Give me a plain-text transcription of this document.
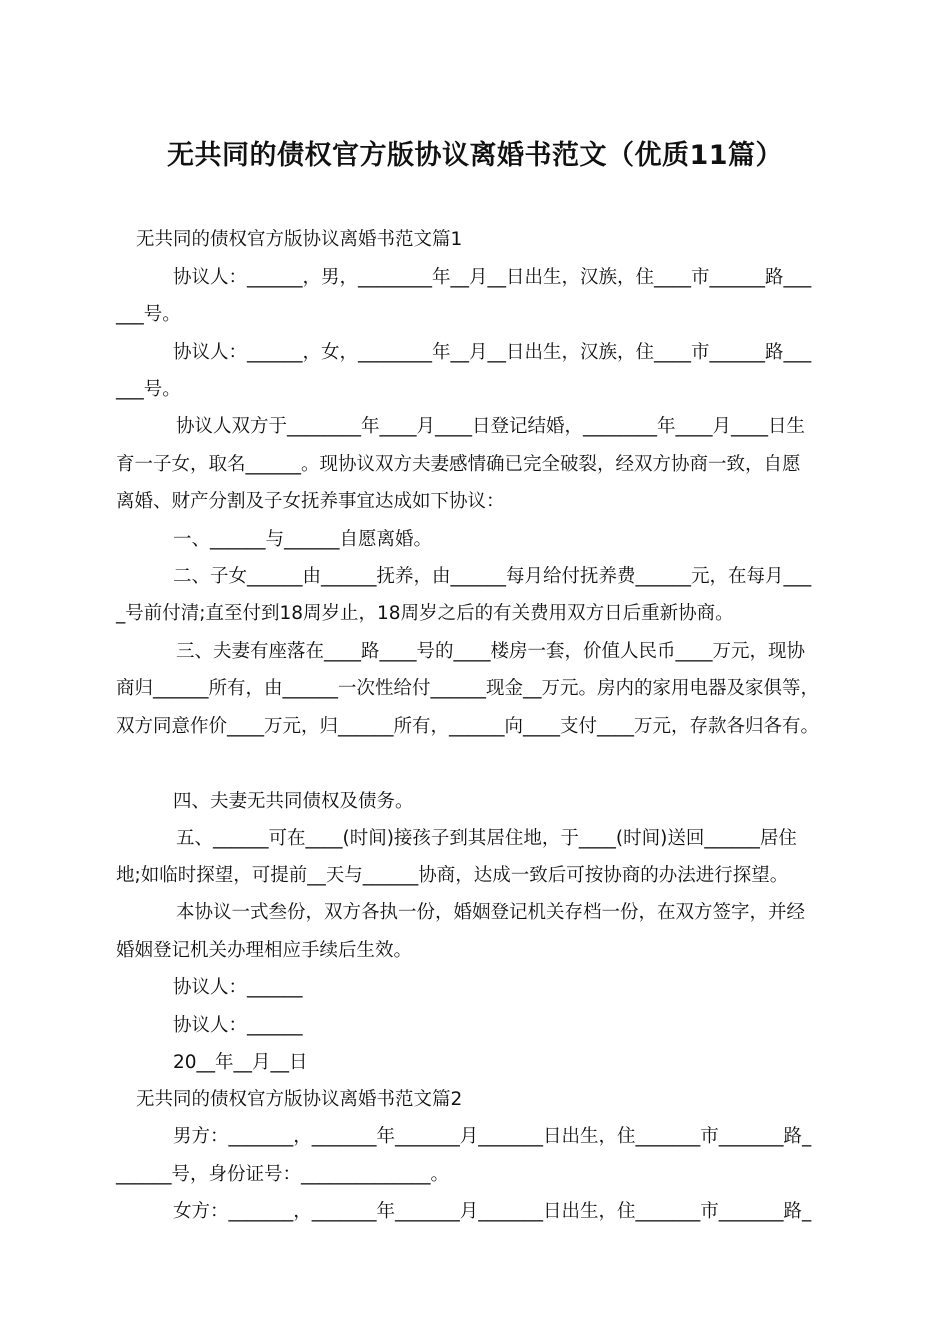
无共同的债权官方版协议离婚书范文（优质11篇）
无共同的债权官方版协议离婚书范文篇1
协议人：______，男，________年__月__日出生，汉族，住____市______路___
___号。
协议人：______，女，________年__月__日出生，汉族，住____市______路___
___号。
协议人双方于________年____月____日登记结婚，________年____月____日生
育一子女，取名______。现协议双方夫妻感情确已完全破裂，经双方协商一致，自愿
离婚、财产分割及子女抚养事宜达成如下协议：
一、______与______自愿离婚。
二、子女______由______抚养，由______每月给付抚养费______元，在每月___
_号前付清;直至付到18周岁止，18周岁之后的有关费用双方日后重新协商。
三、夫妻有座落在____路____号的____楼房一套，价值人民币____万元，现协
商归______所有，由______一次性给付______现金__万元。房内的家用电器及家俱等，
双方同意作价____万元，归______所有，______向____支付____万元，存款各归各有。
四、夫妻无共同债权及债务。
五、______可在____(时间)接孩子到其居住地，于____(时间)送回______居住
地;如临时探望，可提前__天与______协商，达成一致后可按协商的办法进行探望。
本协议一式叁份，双方各执一份，婚姻登记机关存档一份，在双方签字，并经
婚姻登记机关办理相应手续后生效。
协议人：______
协议人：______
20__年__月__日
无共同的债权官方版协议离婚书范文篇2
男方：_______，_______年_______月_______日出生，住_______市_______路_
______号，身份证号：______________。
女方：_______，_______年_______月_______日出生，住_______市_______路_
